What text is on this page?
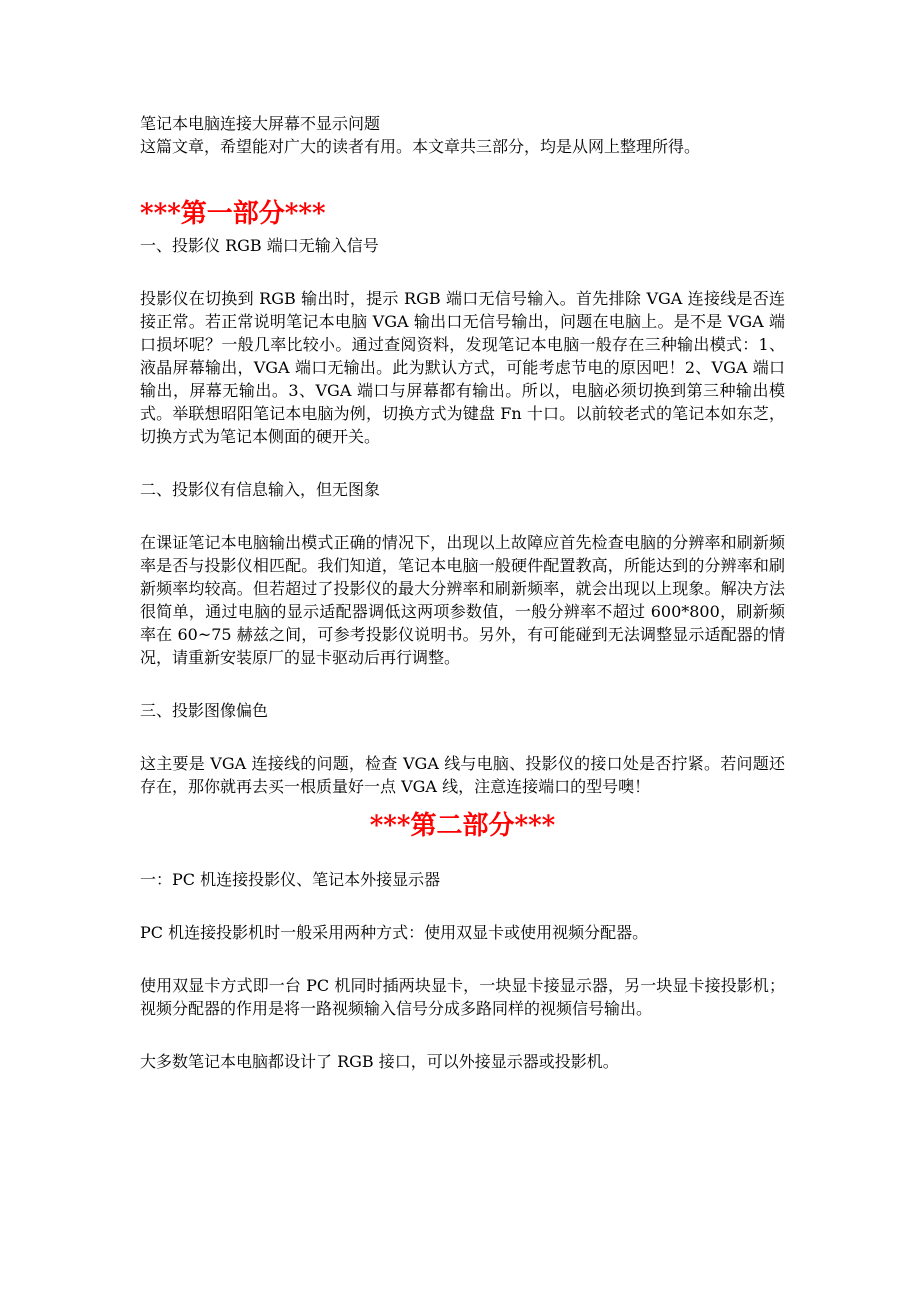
笔记本电脑连接大屏幕不显示问题

这篇文章，希望能对广大的读者有用。本文章共三部分，均是从网上整理所得。

***第一部分***

一、投影仪 RGB 端口无输入信号

投影仪在切换到 RGB 输出时，提示 RGB 端口无信号输入。首先排除 VGA 连接线是否连接正常。若正常说明笔记本电脑 VGA 输出口无信号输出，问题在电脑上。是不是 VGA 端口损坏呢？一般几率比较小。通过查阅资料，发现笔记本电脑一般存在三种输出模式：1、液晶屏幕输出，VGA 端口无输出。此为默认方式，可能考虑节电的原因吧！2、VGA 端口输出，屏幕无输出。3、VGA 端口与屏幕都有输出。所以，电脑必须切换到第三种输出模式。举联想昭阳笔记本电脑为例，切换方式为键盘 Fn 十口。以前较老式的笔记本如东芝，切换方式为笔记本侧面的硬开关。

二、投影仪有信息输入，但无图象

在课证笔记本电脑输出模式正确的情况下，出现以上故障应首先检查电脑的分辨率和刷新频率是否与投影仪相匹配。我们知道，笔记本电脑一般硬件配置教高，所能达到的分辨率和刷新频率均较高。但若超过了投影仪的最大分辨率和刷新频率，就会出现以上现象。解决方法很简单，通过电脑的显示适配器调低这两项参数值，一般分辨率不超过 600*800，刷新频率在 60~75 赫兹之间，可参考投影仪说明书。另外，有可能碰到无法调整显示适配器的情况，请重新安装原厂的显卡驱动后再行调整。

三、投影图像偏色

这主要是 VGA 连接线的问题，检查 VGA 线与电脑、投影仪的接口处是否拧紧。若问题还存在，那你就再去买一根质量好一点 VGA 线，注意连接端口的型号噢！

***第二部分***

一：PC 机连接投影仪、笔记本外接显示器

PC 机连接投影机时一般采用两种方式：使用双显卡或使用视频分配器。

使用双显卡方式即一台 PC 机同时插两块显卡，一块显卡接显示器，另一块显卡接投影机；视频分配器的作用是将一路视频输入信号分成多路同样的视频信号输出。

大多数笔记本电脑都设计了 RGB 接口，可以外接显示器或投影机。
